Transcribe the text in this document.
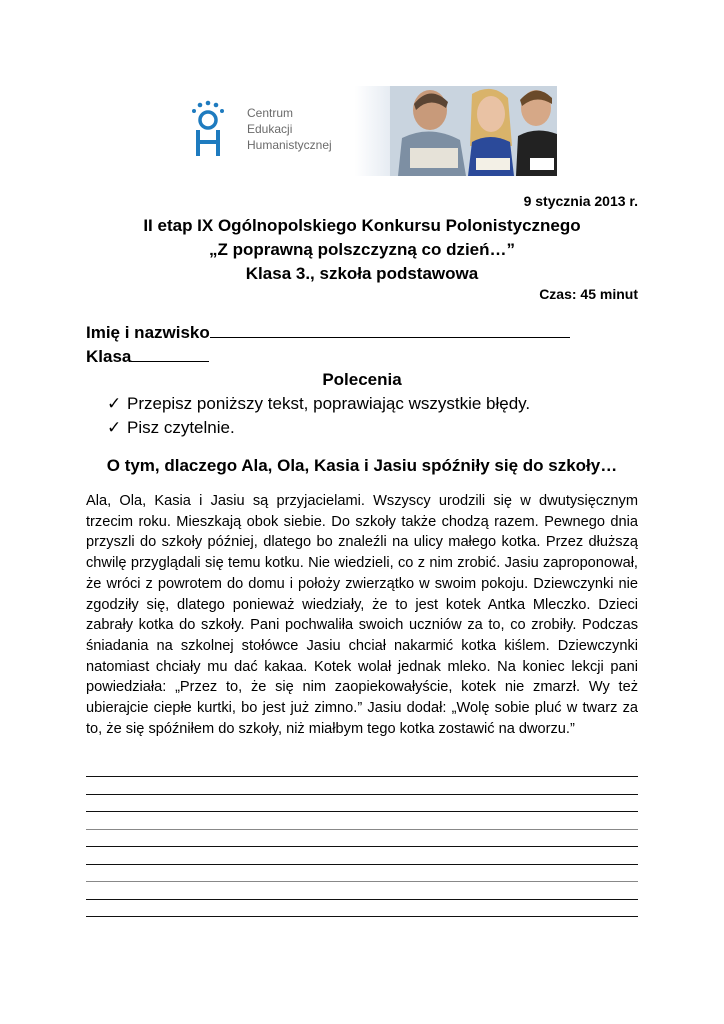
Centrum
Edukacji
Humanistycznej
9 stycznia 2013 r.
II etap IX Ogólnopolskiego Konkursu Polonistycznego
„Z poprawną polszczyzną co dzień…”
Klasa 3., szkoła podstawowa
Czas: 45 minut
Imię i nazwisko
Klasa
Polecenia
✓ Przepisz poniższy tekst, poprawiając wszystkie błędy.
✓ Pisz czytelnie.
O tym, dlaczego Ala, Ola, Kasia i Jasiu spóźniły się do szkoły…
Ala, Ola, Kasia i Jasiu są przyjacielami. Wszyscy urodzili się w dwutysięcznym trzecim roku. Mieszkają obok siebie. Do szkoły także chodzą razem. Pewnego dnia przyszli do szkoły później, dlatego bo znaleźli na ulicy małego kotka. Przez dłuższą chwilę przyglądali się temu kotku. Nie wiedzieli, co z nim zrobić. Jasiu zaproponował, że wróci z powrotem do domu i położy zwierzątko w swoim pokoju. Dziewczynki nie zgodziły się, dlatego ponieważ wiedziały, że to jest kotek Antka Mleczko. Dzieci zabrały kotka do szkoły. Pani pochwaliła swoich uczniów za to, co zrobiły. Podczas śniadania na szkolnej stołówce Jasiu chciał nakarmić kotka kiślem. Dziewczynki natomiast chciały mu dać kakaa. Kotek wolał jednak mleko. Na koniec lekcji pani powiedziała: „Przez to, że się nim zaopiekowałyście, kotek nie zmarzł. Wy też ubierajcie ciepłe kurtki, bo jest już zimno.” Jasiu dodał: „Wolę sobie pluć w twarz za to, że się spóźniłem do szkoły, niż miałbym tego kotka zostawić na dworzu.”
